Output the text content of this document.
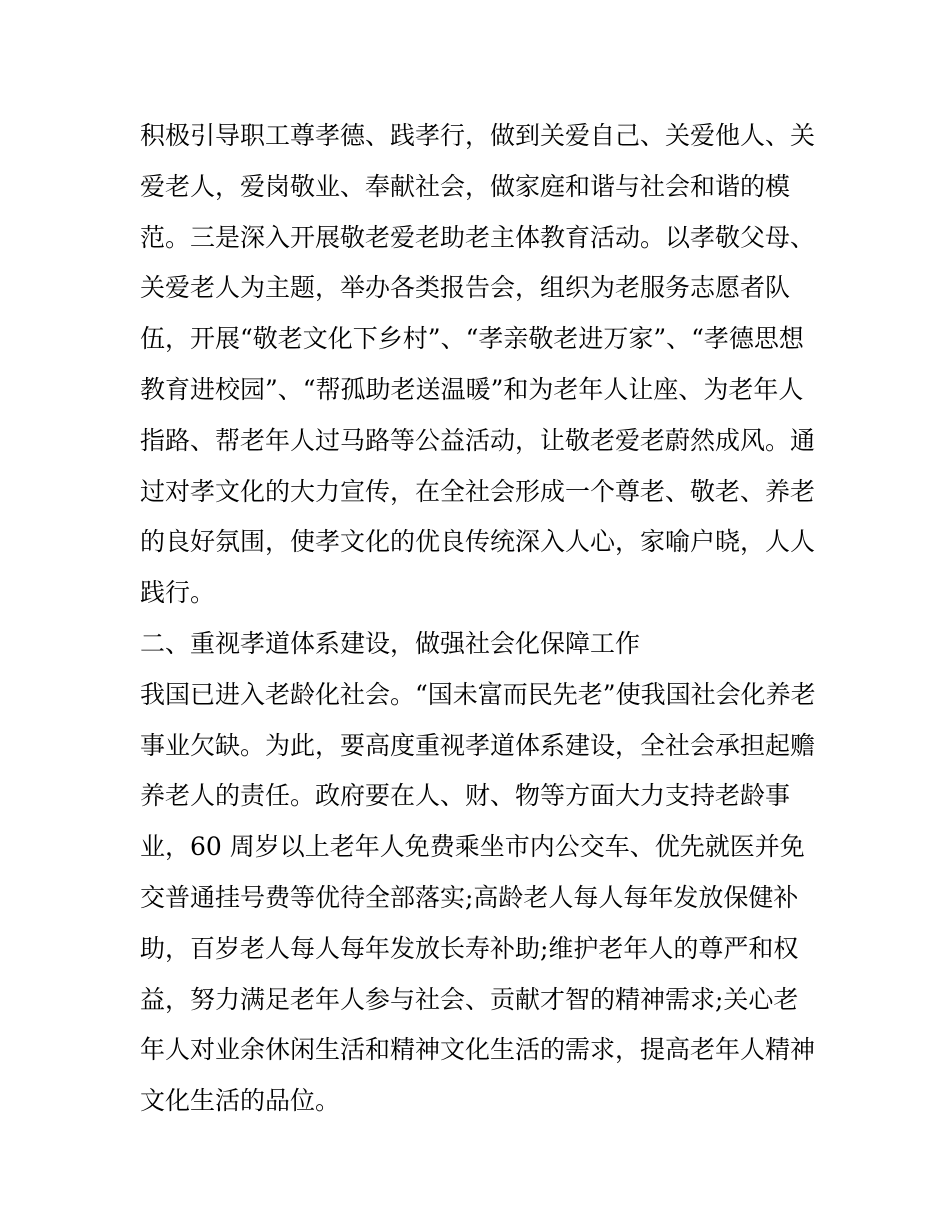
积极引导职工尊孝德、践孝行，做到关爱自己、关爱他人、关
爱老人，爱岗敬业、奉献社会，做家庭和谐与社会和谐的模
范。三是深入开展敬老爱老助老主体教育活动。以孝敬父母、
关爱老人为主题，举办各类报告会，组织为老服务志愿者队
伍，开展“敬老文化下乡村”、“孝亲敬老进万家”、“孝德思想
教育进校园”、“帮孤助老送温暖”和为老年人让座、为老年人
指路、帮老年人过马路等公益活动，让敬老爱老蔚然成风。通
过对孝文化的大力宣传，在全社会形成一个尊老、敬老、养老
的良好氛围，使孝文化的优良传统深入人心，家喻户晓，人人
践行。
二、重视孝道体系建设，做强社会化保障工作
我国已进入老龄化社会。“国未富而民先老”使我国社会化养老
事业欠缺。为此，要高度重视孝道体系建设，全社会承担起赡
养老人的责任。政府要在人、财、物等方面大力支持老龄事
业，60 周岁以上老年人免费乘坐市内公交车、优先就医并免
交普通挂号费等优待全部落实;高龄老人每人每年发放保健补
助，百岁老人每人每年发放长寿补助;维护老年人的尊严和权
益，努力满足老年人参与社会、贡献才智的精神需求;关心老
年人对业余休闲生活和精神文化生活的需求，提高老年人精神
文化生活的品位。
